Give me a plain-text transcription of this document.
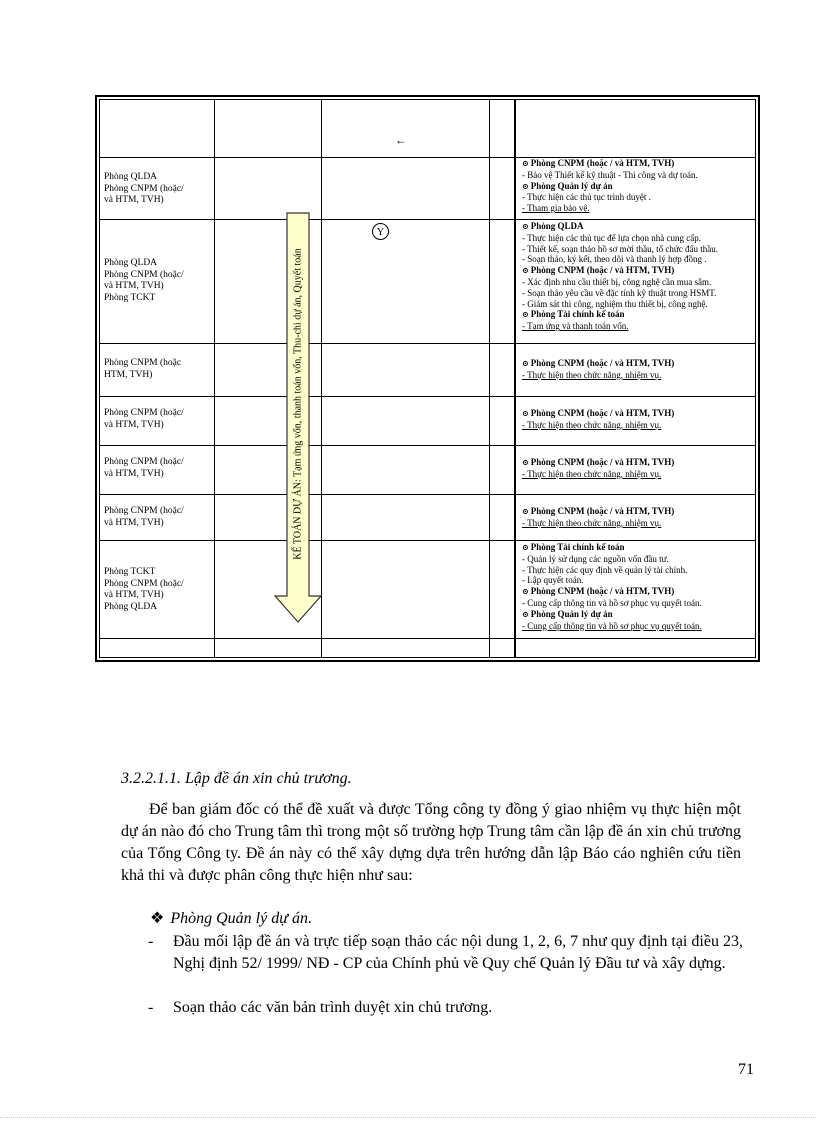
←
Y
KẾ TOÁN DỰ ÁN: Tạm ứng vốn, thanh toán vốn, Thu-chi dự án, Quyết toán
Phòng QLDA
Phòng CNPM (hoặc/
và HTM, TVH)
⊙ Phòng CNPM (hoặc / và HTM, TVH)
- Bảo vệ Thiết kế kỹ thuật - Thi công và dự toán.
⊙ Phòng Quản lý dự án
- Thực hiện các thủ tục trình duyệt .
- Tham gia bảo vệ.
Phòng QLDA
Phòng CNPM (hoặc/
và HTM, TVH)
Phòng TCKT
⊙ Phòng QLDA
- Thực hiện các thủ tục để lựa chọn nhà cung cấp.
- Thiết kế, soạn thảo hồ sơ mời thầu, tổ chức đấu thầu.
- Soạn thảo, ký kết, theo dõi và thanh lý hợp đồng .
⊙ Phòng CNPM (hoặc / và HTM, TVH)
- Xác định nhu cầu thiết bị, công nghệ cần mua sắm.
- Soạn thảo yêu cầu về đặc tính kỹ thuật trong HSMT.
- Giám sát thi công, nghiệm thu thiết bị, công nghệ.
⊙ Phòng Tài chính kế toán
- Tạm ứng và thanh toán vốn.
Phòng CNPM (hoặc
HTM, TVH)
⊙ Phòng CNPM (hoặc / và HTM, TVH)
- Thực hiện theo chức năng, nhiệm vụ.
Phòng CNPM (hoặc/
và HTM, TVH)
⊙ Phòng CNPM (hoặc / và HTM, TVH)
- Thực hiện theo chức năng, nhiệm vụ.
Phòng CNPM (hoặc/
và HTM, TVH)
⊙ Phòng CNPM (hoặc / và HTM, TVH)
- Thực hiện theo chức năng, nhiệm vụ.
Phòng CNPM (hoặc/
và HTM, TVH)
⊙ Phòng CNPM (hoặc / và HTM, TVH)
- Thực hiện theo chức năng, nhiệm vụ.
Phòng TCKT
Phòng CNPM (hoặc/
và HTM, TVH)
Phòng QLDA
⊙ Phòng Tài chính kế toán
- Quản lý sử dụng các nguồn vốn đầu tư.
- Thực hiện các quy định về quản lý tài chính.
- Lập quyết toán.
⊙ Phòng CNPM (hoặc / và HTM, TVH)
- Cung cấp thông tin và hồ sơ phục vụ quyết toán.
⊙ Phòng Quản lý dự án
- Cung cấp thông tin và hồ sơ phục vụ quyết toán.
3.2.2.1.1. Lập đề án xin chủ trương.
Để ban giám đốc có thể đề xuất và được Tổng công ty đồng ý giao nhiệm vụ thực hiện một dự án nào đó cho Trung tâm thì trong một số trường hợp Trung tâm cần lập đề án xin chủ trương của Tổng Công ty. Đề án này có thể xây dựng dựa trên hướng dẫn lập Báo cáo nghiên cứu tiền khả thi và được phân công thực hiện như sau:
❖ Phòng Quản lý dự án.
- Đầu mối lập đề án và trực tiếp soạn thảo các nội dung 1, 2, 6, 7 như quy định tại điều 23, Nghị định 52/ 1999/ NĐ - CP của Chính phủ về Quy chế Quản lý Đầu tư và xây dựng.
- Soạn thảo các văn bản trình duyệt xin chủ trương.
71
